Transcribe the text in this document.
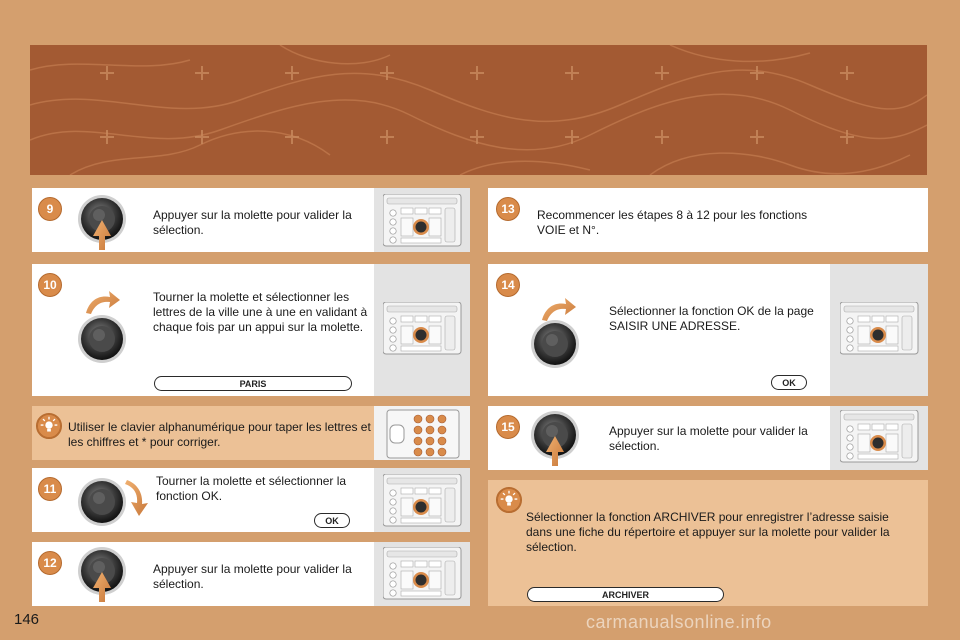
9	Appuyer sur la molette pour valider la sélection.
10
Tourner la molette et sélectionner les lettres de la ville une à une en validant à chaque fois par un appui sur la molette.
PARIS
Utiliser le clavier alphanumérique pour taper les lettres et les chiffres et * pour corriger.
11
Tourner la molette et sélectionner la fonction OK.
OK
12	Appuyer sur la molette pour valider la sélection.
13	Recommencer les étapes 8 à 12 pour les fonctions VOIE et N°.
14
Sélectionner la fonction OK de la page SAISIR UNE ADRESSE.
OK
15	Appuyer sur la molette pour valider la sélection.
Sélectionner la fonction ARCHIVER pour enregistrer l’adresse saisie dans une fiche du répertoire et appuyer sur la molette pour valider la sélection.
ARCHIVER
146	carmanualsonline.info
